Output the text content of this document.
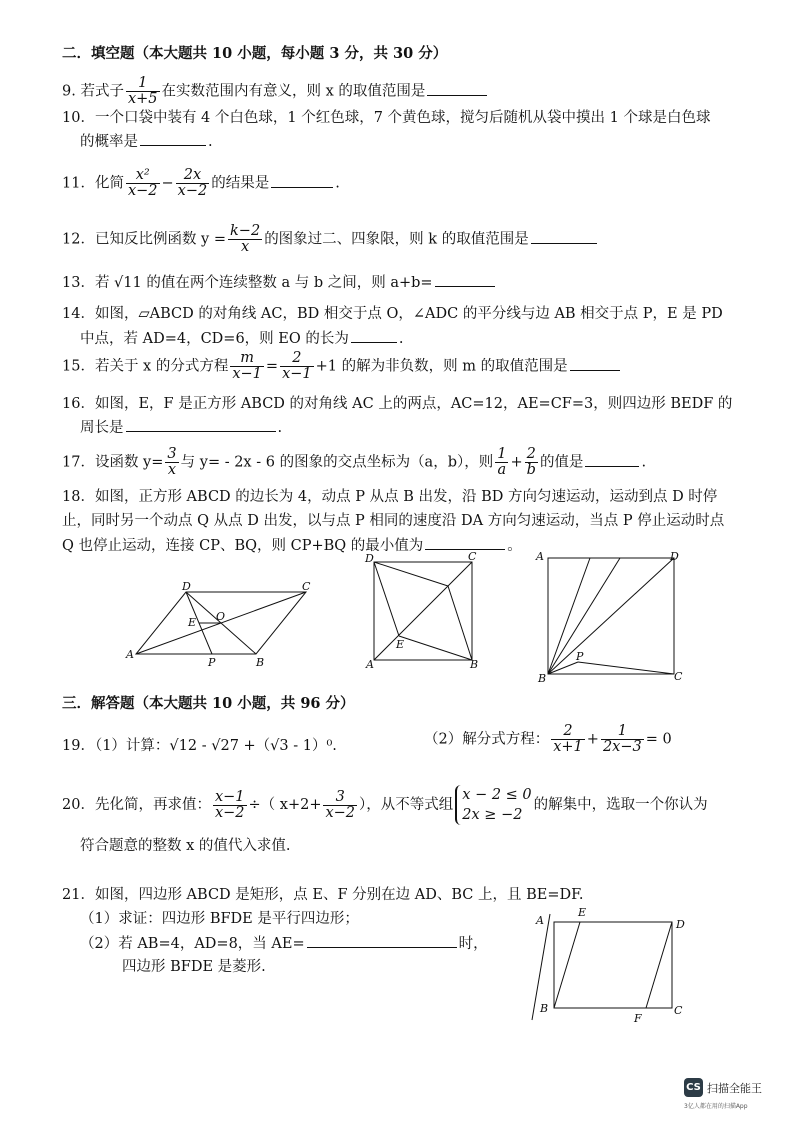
二．填空题（本大题共 10 小题，每小题 3 分，共 30 分）
9. 若式子 $\frac{1}{x+5}$ 在实数范围内有意义，则 x 的取值范围是
10．一个口袋中装有 4 个白色球，1 个红色球，7 个黄色球，搅匀后随机从袋中摸出 1 个球是白色球
的概率是	.
11．化简 $\frac{\text{x²}}{x-2} - \frac{2x}{x-2}$ 的结果是	.
12．已知反比例函数 $y = \frac{k-2}{x}$ 的图象过二、四象限，则 k 的取值范围是
13．若 √11 的值在两个连续整数 a 与 b 之间，则 a+b=
14．如图，▱ABCD 的对角线 AC，BD 相交于点 O，∠ADC 的平分线与边 AB 相交于点 P，E 是 PD
中点，若 AD=4，CD=6，则 EO 的长为	.
15．若关于 x 的分式方程 $\frac{m}{x-1} = \frac{2}{x-1} +1$ 的解为非负数，则 m 的取值范围是
16．如图，E，F 是正方形 ABCD 的对角线 AC 上的两点，AC=12，AE=CF=3，则四边形 BEDF 的
周长是	.
17．设函数 $y= \frac{3}{x}$ 与 y= - 2x - 6 的图象的交点坐标为（a，b），则 $\frac{1}{a} + \frac{2}{b}$ 的值是	.
18．如图，正方形 ABCD 的边长为 4，动点 P 从点 B 出发，沿 BD 方向匀速运动，运动到点 D 时停
止，同时另一个动点 Q 从点 D 出发，以与点 P 相同的速度沿 DA 方向匀速运动，当点 P 停止运动时点
Q 也停止运动，连接 CP、BQ，则 CP+BQ 的最小值为	。
A
B
C
D
E O
P
D	C
A	B
E
A	D
B	C
P
三．解答题（本大题共 10 小题，共 96 分）
19．（1）计算：√12 - √27 +（√3 - 1）⁰.	（2）解分式方程： $\frac{2}{x+1} + \frac{1}{2x-3} = 0$
20．先化简，再求值： $\frac{x-1}{x-2}$ ÷（ $x+2+ \frac{3}{x-2}$ ），从不等式组
x − 2 ≤ 0
2x ≥ −2
的解集中，选取一个你认为
符合题意的整数 x 的值代入求值.
21．如图，四边形 ABCD 是矩形，点 E、F 分别在边 AD、BC 上，且 BE=DF.
（1）求证：四边形 BFDE 是平行四边形；
（2）若 AB=4，AD=8，当 AE=	时，
四边形 BFDE 是菱形.
A
E
D
B
F
C
CS 扫描全能王
3亿人都在用的扫描App
